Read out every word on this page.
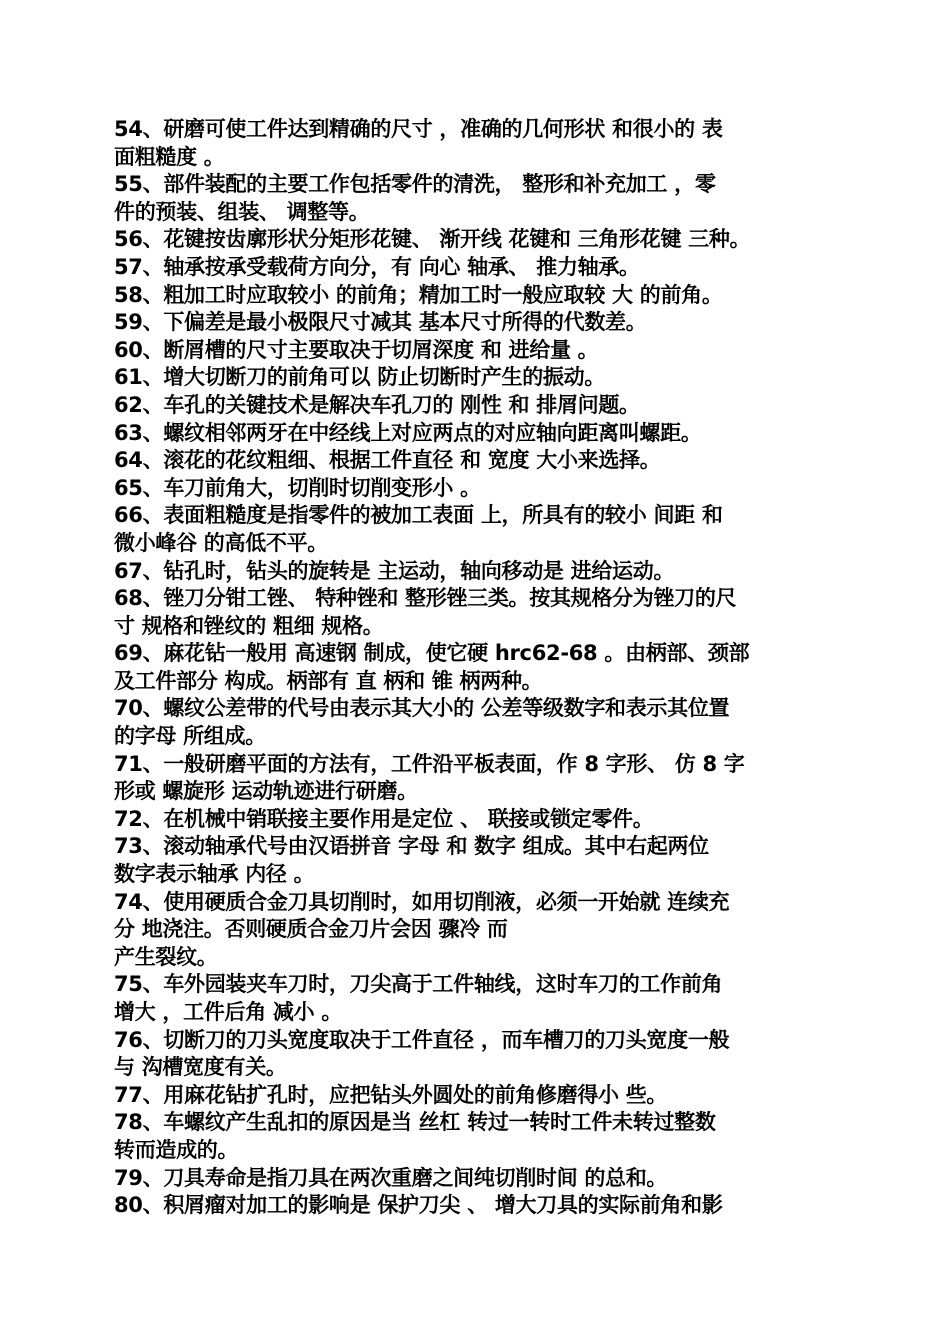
54、研磨可使工件达到精确的尺寸 ，准确的几何形状 和很小的 表
面粗糙度 。
55、部件装配的主要工作包括零件的清洗， 整形和补充加工 ，零
件的预装、组装、 调整等。
56、花键按齿廓形状分矩形花键、 渐开线 花键和 三角形花键 三种。
57、轴承按承受载荷方向分，有 向心 轴承、 推力轴承。
58、粗加工时应取较小 的前角；精加工时一般应取较 大 的前角。
59、下偏差是最小极限尺寸减其 基本尺寸所得的代数差。
60、断屑槽的尺寸主要取决于切屑深度 和 进给量 。
61、增大切断刀的前角可以 防止切断时产生的振动。
62、车孔的关键技术是解决车孔刀的 刚性 和 排屑问题。
63、螺纹相邻两牙在中经线上对应两点的对应轴向距离叫螺距。
64、滚花的花纹粗细、根据工件直径 和 宽度 大小来选择。
65、车刀前角大，切削时切削变形小 。
66、表面粗糙度是指零件的被加工表面 上，所具有的较小 间距 和
微小峰谷 的高低不平。
67、钻孔时，钻头的旋转是 主运动，轴向移动是 进给运动。
68、锉刀分钳工锉、 特种锉和 整形锉三类。按其规格分为锉刀的尺
寸 规格和锉纹的 粗细 规格。
69、麻花钻一般用 高速钢 制成，使它硬 hrc62-68 。由柄部、颈部
及工件部分 构成。柄部有 直 柄和 锥 柄两种。
70、螺纹公差带的代号由表示其大小的 公差等级数字和表示其位置
的字母 所组成。
71、一般研磨平面的方法有，工件沿平板表面，作 8 字形、 仿 8 字
形或 螺旋形 运动轨迹进行研磨。
72、在机械中销联接主要作用是定位 、 联接或锁定零件。
73、滚动轴承代号由汉语拼音 字母 和 数字 组成。其中右起两位
数字表示轴承 内径 。
74、使用硬质合金刀具切削时，如用切削液，必须一开始就 连续充
分 地浇注。否则硬质合金刀片会因 骤冷 而
产生裂纹。
75、车外园装夹车刀时，刀尖高于工件轴线，这时车刀的工作前角
增大 ，工件后角 减小 。
76、切断刀的刀头宽度取决于工件直径 ，而车槽刀的刀头宽度一般
与 沟槽宽度有关。
77、用麻花钻扩孔时，应把钻头外圆处的前角修磨得小 些。
78、车螺纹产生乱扣的原因是当 丝杠 转过一转时工件未转过整数
转而造成的。
79、刀具寿命是指刀具在两次重磨之间纯切削时间 的总和。
80、积屑瘤对加工的影响是 保护刀尖 、 增大刀具的实际前角和影
